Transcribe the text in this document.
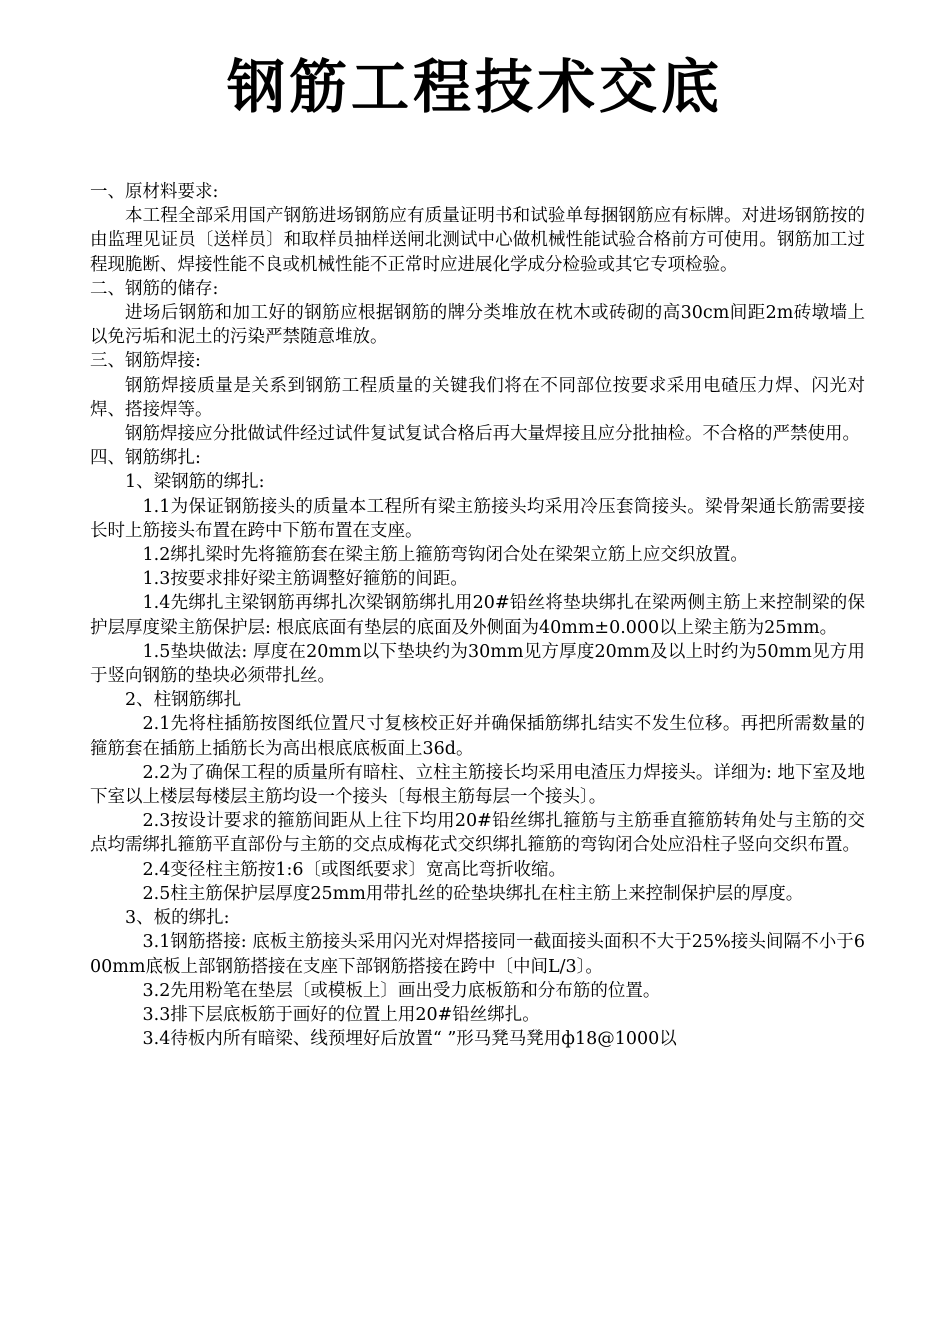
钢筋工程技术交底

一、原材料要求:

本工程全部采用国产钢筋进场钢筋应有质量证明书和试验单每捆钢筋应有标牌。对进场钢筋按的由监理见证员〔送样员〕和取样员抽样送闸北测试中心做机械性能试验合格前方可使用。钢筋加工过程现脆断、焊接性能不良或机械性能不正常时应进展化学成分检验或其它专项检验。

二、钢筋的储存:

进场后钢筋和加工好的钢筋应根据钢筋的牌分类堆放在枕木或砖砌的高30cm间距2m砖墩墙上以免污垢和泥土的污染严禁随意堆放。

三、钢筋焊接:

钢筋焊接质量是关系到钢筋工程质量的关键我们将在不同部位按要求采用电碴压力焊、闪光对焊、搭接焊等。

钢筋焊接应分批做试件经过试件复试复试合格后再大量焊接且应分批抽检。不合格的严禁使用。

四、钢筋绑扎:

1、梁钢筋的绑扎:

1.1为保证钢筋接头的质量本工程所有梁主筋接头均采用冷压套筒接头。梁骨架通长筋需要接长时上筋接头布置在跨中下筋布置在支座。

1.2绑扎梁时先将箍筋套在梁主筋上箍筋弯钩闭合处在梁架立筋上应交织放置。

1.3按要求排好梁主筋调整好箍筋的间距。

1.4先绑扎主梁钢筋再绑扎次梁钢筋绑扎用20#铅丝将垫块绑扎在梁两侧主筋上来控制梁的保护层厚度梁主筋保护层: 根底底面有垫层的底面及外侧面为40mm±0.000以上梁主筋为25mm。

1.5垫块做法: 厚度在20mm以下垫块约为30mm见方厚度20mm及以上时约为50mm见方用于竖向钢筋的垫块必须带扎丝。

2、柱钢筋绑扎

2.1先将柱插筋按图纸位置尺寸复核校正好并确保插筋绑扎结实不发生位移。再把所需数量的箍筋套在插筋上插筋长为高出根底底板面上36d。

2.2为了确保工程的质量所有暗柱、立柱主筋接长均采用电渣压力焊接头。详细为: 地下室及地下室以上楼层每楼层主筋均设一个接头〔每根主筋每层一个接头〕。

2.3按设计要求的箍筋间距从上往下均用20#铅丝绑扎箍筋与主筋垂直箍筋转角处与主筋的交点均需绑扎箍筋平直部份与主筋的交点成梅花式交织绑扎箍筋的弯钩闭合处应沿柱子竖向交织布置。

2.4变径柱主筋按1:6〔或图纸要求〕宽高比弯折收缩。

2.5柱主筋保护层厚度25mm用带扎丝的砼垫块绑扎在柱主筋上来控制保护层的厚度。

3、板的绑扎:

3.1钢筋搭接: 底板主筋接头采用闪光对焊搭接同一截面接头面积不大于25%接头间隔不小于600mm底板上部钢筋搭接在支座下部钢筋搭接在跨中〔中间L/3〕。

3.2先用粉笔在垫层〔或模板上〕画出受力底板筋和分布筋的位置。

3.3排下层底板筋于画好的位置上用20#铅丝绑扎。

3.4待板内所有暗梁、线预埋好后放置“ ”形马凳马凳用ф18@1000以
